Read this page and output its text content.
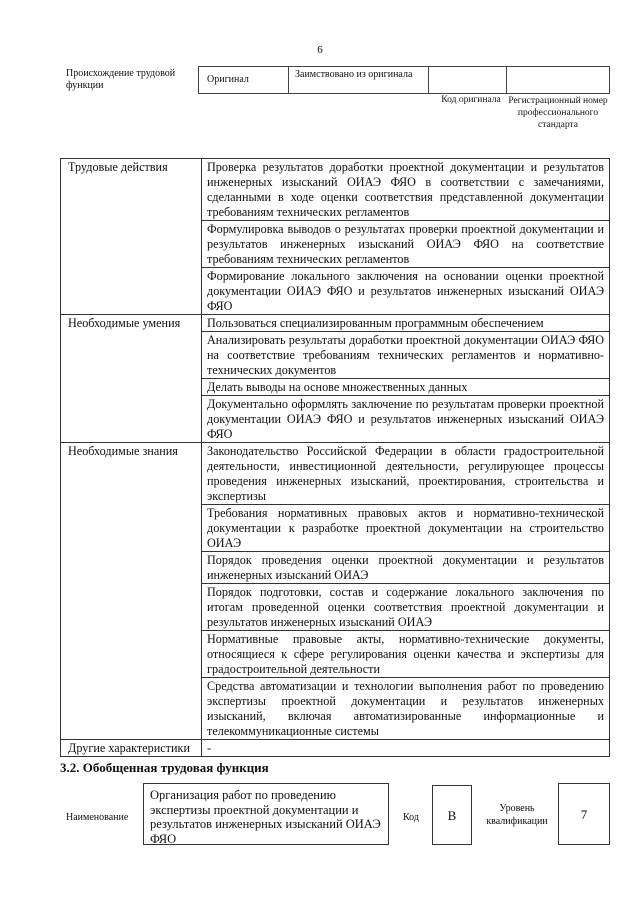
6
Происхождение трудовой функции
Оригинал	Заимствовано из оригинала
Код оригинала Регистрационный номер профессионального стандарта
Трудовые действия	Проверка результатов доработки проектной документации и результатов инженерных изысканий ОИАЭ ФЯО в соответствии с замечаниями, сделанными в ходе оценки соответствия представленной документации требованиям технических регламентов
	Формулировка выводов о результатах проверки проектной документации и результатов инженерных изысканий ОИАЭ ФЯО на соответствие требованиям технических регламентов
	Формирование локального заключения на основании оценки проектной документации ОИАЭ ФЯО и результатов инженерных изысканий ОИАЭ ФЯО
Необходимые умения	Пользоваться специализированным программным обеспечением
	Анализировать результаты доработки проектной документации ОИАЭ ФЯО на соответствие требованиям технических регламентов и нормативно-технических документов
	Делать выводы на основе множественных данных
	Документально оформлять заключение по результатам проверки проектной документации ОИАЭ ФЯО и результатов инженерных изысканий ОИАЭ ФЯО
Необходимые знания	Законодательство Российской Федерации в области градостроительной деятельности, инвестиционной деятельности, регулирующее процессы проведения инженерных изысканий, проектирования, строительства и экспертизы
	Требования нормативных правовых актов и нормативно-технической документации к разработке проектной документации на строительство ОИАЭ
	Порядок проведения оценки проектной документации и результатов инженерных изысканий ОИАЭ
	Порядок подготовки, состав и содержание локального заключения по итогам проведенной оценки соответствия проектной документации и результатов инженерных изысканий ОИАЭ
	Нормативные правовые акты, нормативно-технические документы, относящиеся к сфере регулирования оценки качества и экспертизы для градостроительной деятельности
	Средства автоматизации и технологии выполнения работ по проведению экспертизы проектной документации и результатов инженерных изысканий, включая автоматизированные информационные и телекоммуникационные системы
Другие характеристики	-
3.2. Обобщенная трудовая функция
Наименование
Организация работ по проведению экспертизы проектной документации и результатов инженерных изысканий ОИАЭ ФЯО
Код	B	Уровень квалификации	7
